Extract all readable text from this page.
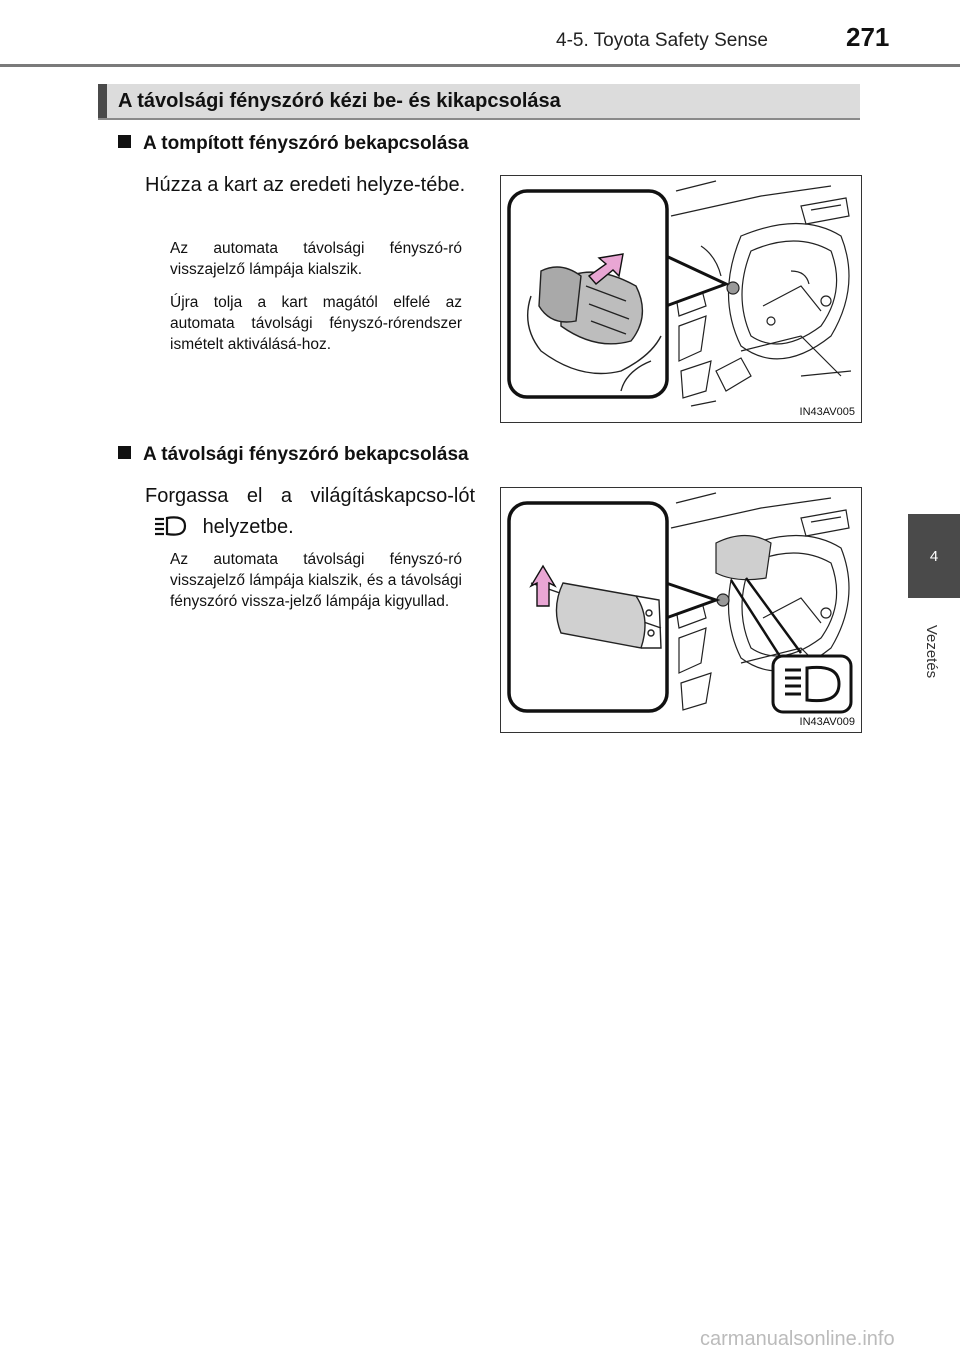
4-5. Toyota Safety Sense	271
4
Vezetés
A távolsági fényszóró kézi be- és kikapcsolása
A tompított fényszóró bekapcsolása
Húzza a kart az eredeti helyze-tébe.
Az automata távolsági fényszó-ró visszajelző lámpája kialszik.
Újra tolja a kart magától elfelé az automata távolsági fényszó-rórendszer ismételt aktiválásá-hoz.
IN43AV005
A távolsági fényszóró bekapcsolása
Forgassa el a világításkapcso-lót  helyzetbe.
Az automata távolsági fényszó-ró visszajelző lámpája kialszik, és a távolsági fényszóró vissza-jelző lámpája kigyullad.
IN43AV009
carmanualsonline.info
